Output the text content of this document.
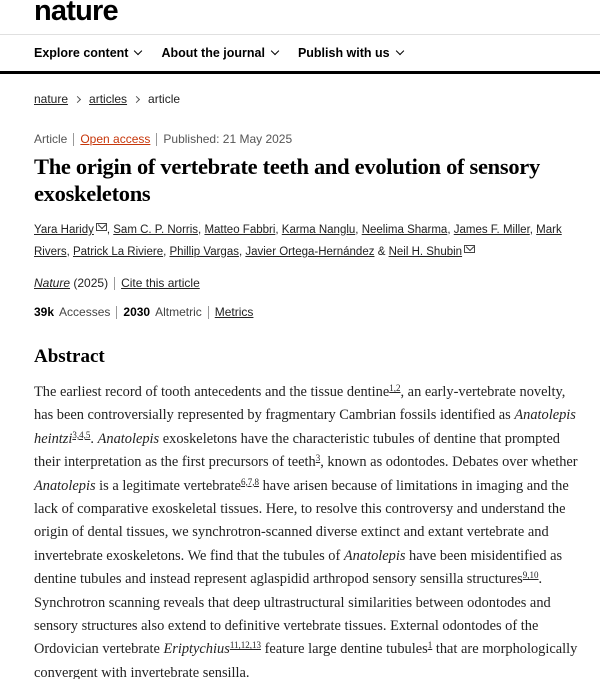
nature
Explore content	About the journal	Publish with us
nature articles article
Article Open access Published: 21 May 2025
The origin of vertebrate teeth and evolution of sensory exoskeletons
Yara Haridy , Sam C. P. Norris, Matteo Fabbri, Karma Nanglu, Neelima Sharma, James F. Miller, Mark Rivers, Patrick La Riviere, Phillip Vargas, Javier Ortega-Hernández & Neil H. Shubin
Nature
(2025) Cite this article
39k Accesses 2030 Altmetric Metrics
Abstract

The earliest record of tooth antecedents and the tissue dentine$^{1,2}$, an early-vertebrate novelty, has been controversially represented by fragmentary Cambrian fossils identified as Anatolepis heintzi$^{3,4,5}$. Anatolepis exoskeletons have the characteristic tubules of dentine that prompted their interpretation as the first precursors of teeth$^3$, known as odontodes. Debates over whether Anatolepis is a legitimate vertebrate$^{6,7,8}$ have arisen because of limitations in imaging and the lack of comparative exoskeletal tissues. Here, to resolve this controversy and understand the origin of dental tissues, we synchrotron-scanned diverse extinct and extant vertebrate and invertebrate exoskeletons. We find that the tubules of Anatolepis have been misidentified as dentine tubules and instead represent aglaspidid arthropod sensory sensilla structures$^{9,10}$. Synchrotron scanning reveals that deep ultrastructural similarities between odontodes and sensory structures also extend to definitive vertebrate tissues. External odontodes of the Ordovician vertebrate Eriptychius$^{11,12,13}$ feature large dentine tubules$^1$ that are morphologically convergent with invertebrate sensilla.
